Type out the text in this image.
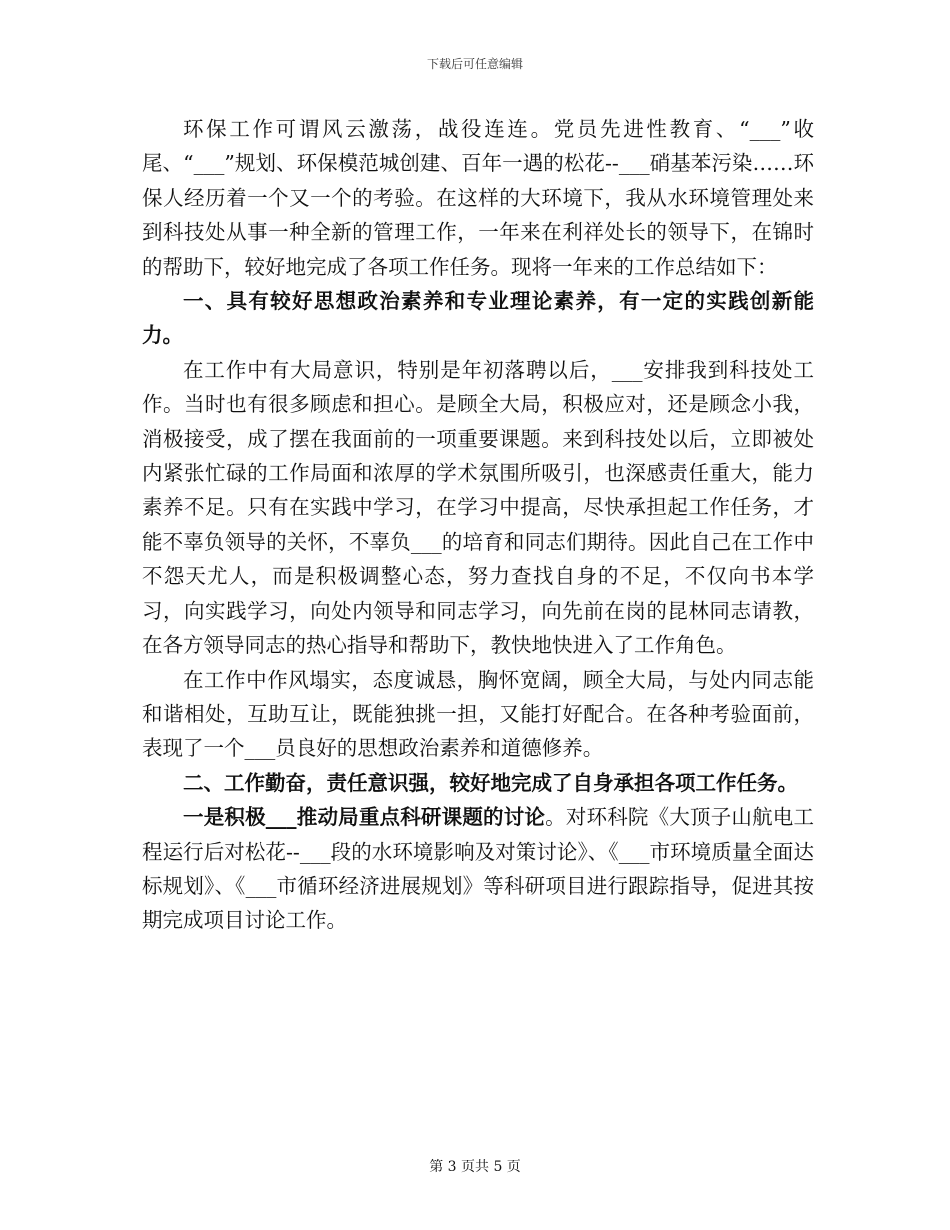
下载后可任意编辑

环保工作可谓风云激荡，战役连连。党员先进性教育、“___”收尾、“___”规划、环保模范城创建、百年一遇的松花--___硝基苯污染……环保人经历着一个又一个的考验。在这样的大环境下，我从水环境管理处来到科技处从事一种全新的管理工作，一年来在利祥处长的领导下，在锦时的帮助下，较好地完成了各项工作任务。现将一年来的工作总结如下：

一、具有较好思想政治素养和专业理论素养，有一定的实践创新能力。

在工作中有大局意识，特别是年初落聘以后，___安排我到科技处工作。当时也有很多顾虑和担心。是顾全大局，积极应对，还是顾念小我，消极接受，成了摆在我面前的一项重要课题。来到科技处以后，立即被处内紧张忙碌的工作局面和浓厚的学术氛围所吸引，也深感责任重大，能力素养不足。只有在实践中学习，在学习中提高，尽快承担起工作任务，才能不辜负领导的关怀，不辜负___的培育和同志们期待。因此自己在工作中不怨天尤人，而是积极调整心态，努力查找自身的不足，不仅向书本学习，向实践学习，向处内领导和同志学习，向先前在岗的昆林同志请教，在各方领导同志的热心指导和帮助下，教快地快进入了工作角色。

在工作中作风塌实，态度诚恳，胸怀宽阔，顾全大局，与处内同志能和谐相处，互助互让，既能独挑一担，又能打好配合。在各种考验面前，表现了一个___员良好的思想政治素养和道德修养。

二、工作勤奋，责任意识强，较好地完成了自身承担各项工作任务。

一是积极___推动局重点科研课题的讨论。对环科院《大顶子山航电工程运行后对松花--___段的水环境影响及对策讨论》、《___市环境质量全面达标规划》、《___市循环经济进展规划》等科研项目进行跟踪指导，促进其按期完成项目讨论工作。

第 3 页共 5 页
